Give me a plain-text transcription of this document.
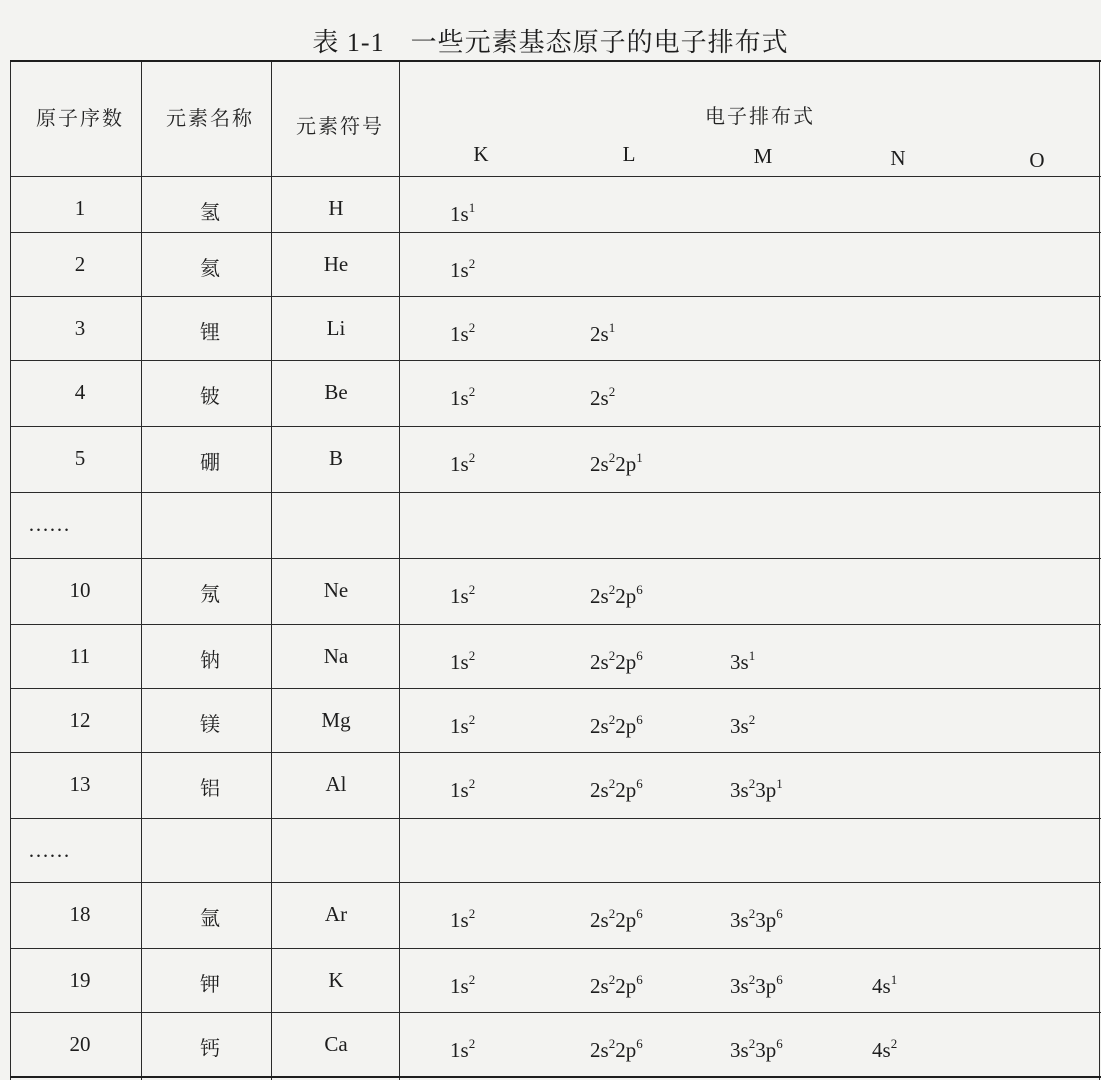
表 1-1 一些元素基态原子的电子排布式
原子序数	元素名称	元素符号	电子排布式
K	L	M	N	O
1	氢	H	$1s^1$
2	氦	He	$1s^2$
3	锂	Li	$1s^2$	$2s^1$
4	铍	Be	$1s^2$	$2s^2$
5	硼	B	$1s^2$	$2s^22p^1$
……
10	氖	Ne	$1s^2$	$2s^22p^6$
11	钠	Na	$1s^2$	$2s^22p^6$	$3s^1$
12	镁	Mg	$1s^2$	$2s^22p^6$	$3s^2$
13	铝	Al	$1s^2$	$2s^22p^6$	$3s^23p^1$
……
18	氩	Ar	$1s^2$	$2s^22p^6$	$3s^23p^6$
19	钾	K	$1s^2$	$2s^22p^6$	$3s^23p^6$	$4s^1$
20	钙	Ca	$1s^2$	$2s^22p^6$	$3s^23p^6$	$4s^2$
